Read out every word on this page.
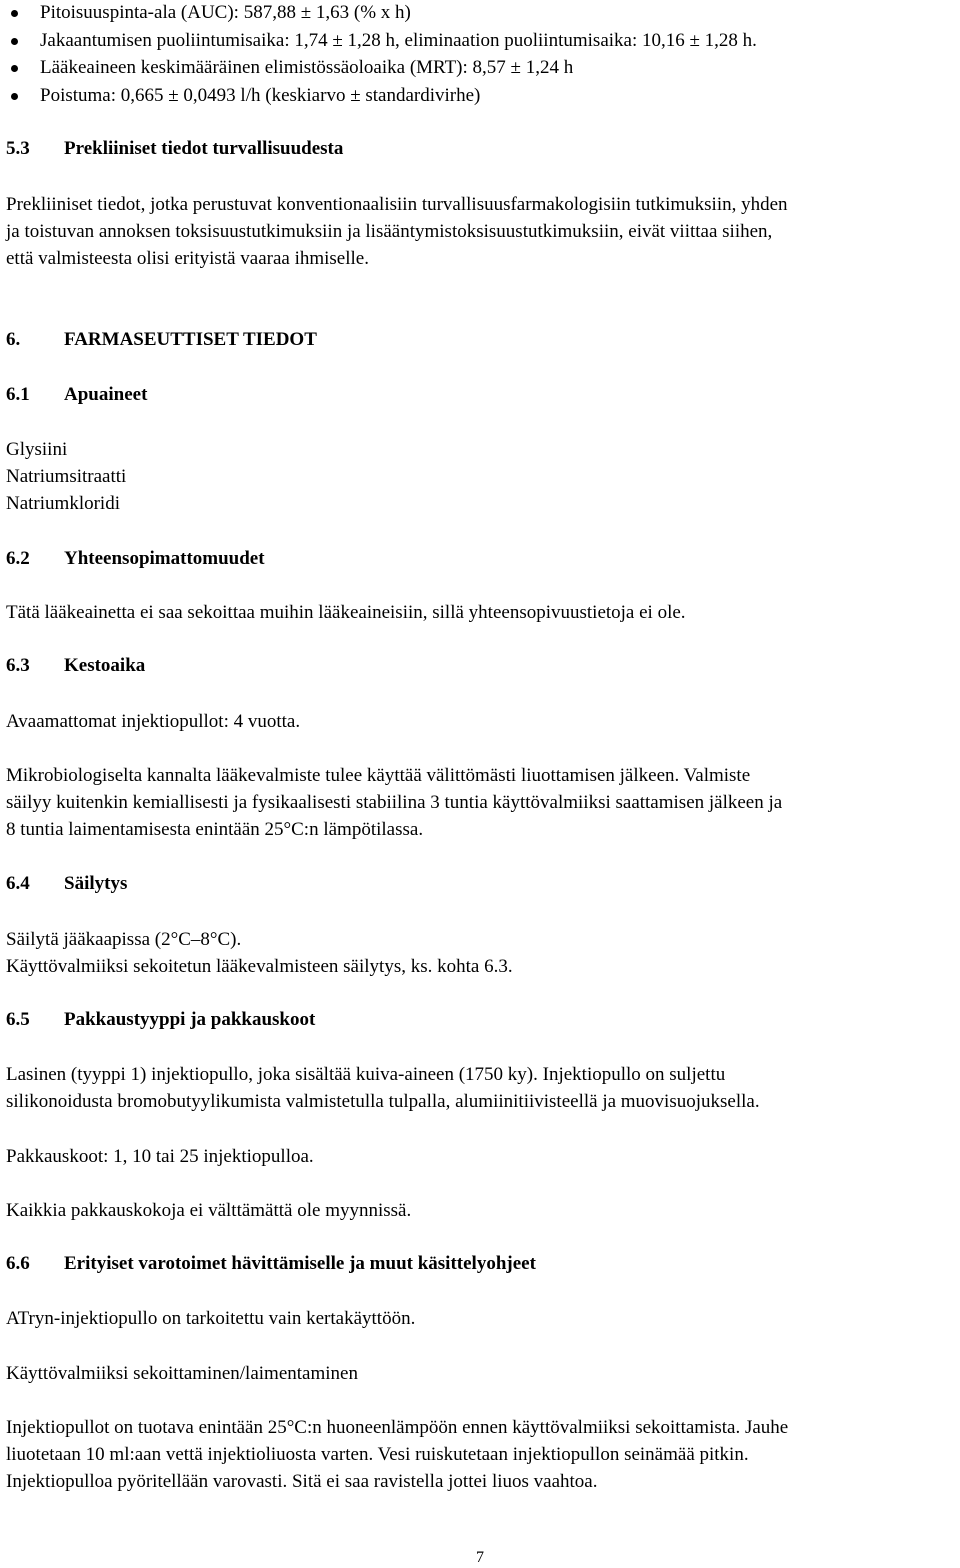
Pitoisuuspinta-ala (AUC): 587,88 ± 1,63 (% x h)
Jakaantumisen puoliintumisaika: 1,74 ± 1,28 h, eliminaation puoliintumisaika: 10,16 ± 1,28 h.
Lääkeaineen keskimääräinen elimistössäoloaika (MRT): 8,57 ± 1,24 h
Poistuma: 0,665 ± 0,0493 l/h (keskiarvo ± standardivirhe)
5.3 Prekliiniset tiedot turvallisuudesta
Prekliiniset tiedot, jotka perustuvat konventionaalisiin turvallisuusfarmakologisiin tutkimuksiin, yhden
ja toistuvan annoksen toksisuustutkimuksiin ja lisääntymistoksisuustutkimuksiin, eivät viittaa siihen,
että valmisteesta olisi erityistä vaaraa ihmiselle.
6. FARMASEUTTISET TIEDOT
6.1 Apuaineet
Glysiini
Natriumsitraatti
Natriumkloridi
6.2 Yhteensopimattomuudet
Tätä lääkeainetta ei saa sekoittaa muihin lääkeaineisiin, sillä yhteensopivuustietoja ei ole.
6.3 Kestoaika
Avaamattomat injektiopullot: 4 vuotta.
Mikrobiologiselta kannalta lääkevalmiste tulee käyttää välittömästi liuottamisen jälkeen. Valmiste
säilyy kuitenkin kemiallisesti ja fysikaalisesti stabiilina 3 tuntia käyttövalmiiksi saattamisen jälkeen ja
8 tuntia laimentamisesta enintään 25°C:n lämpötilassa.
6.4 Säilytys
Säilytä jääkaapissa (2°C–8°C).
Käyttövalmiiksi sekoitetun lääkevalmisteen säilytys, ks. kohta 6.3.
6.5 Pakkaustyyppi ja pakkauskoot
Lasinen (tyyppi 1) injektiopullo, joka sisältää kuiva-aineen (1750 ky). Injektiopullo on suljettu
silikonoidusta bromobutyylikumista valmistetulla tulpalla, alumiinitiivisteellä ja muovisuojuksella.
Pakkauskoot: 1, 10 tai 25 injektiopulloa.
Kaikkia pakkauskokoja ei välttämättä ole myynnissä.
6.6 Erityiset varotoimet hävittämiselle ja muut käsittelyohjeet
ATryn-injektiopullo on tarkoitettu vain kertakäyttöön.
Käyttövalmiiksi sekoittaminen/laimentaminen
Injektiopullot on tuotava enintään 25°C:n huoneenlämpöön ennen käyttövalmiiksi sekoittamista. Jauhe
liuotetaan 10 ml:aan vettä injektioliuosta varten. Vesi ruiskutetaan injektiopullon seinämää pitkin.
Injektiopulloa pyöritellään varovasti. Sitä ei saa ravistella jottei liuos vaahtoa.
7
